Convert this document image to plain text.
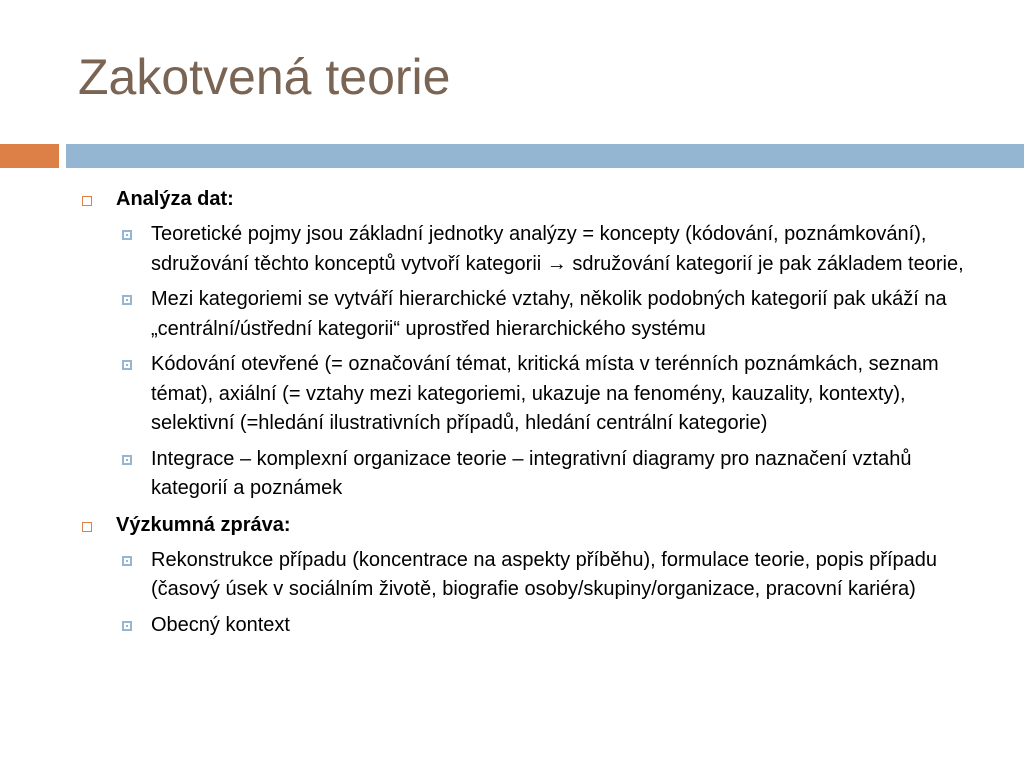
Zakotvená teorie
Analýza dat:
Teoretické pojmy jsou základní jednotky analýzy = koncepty (kódování, poznámkování), sdružování těchto konceptů vytvoří kategorii → sdružování kategorií je pak základem teorie,
Mezi kategoriemi se vytváří hierarchické vztahy, několik podobných kategorií pak ukáží na „centrální/ústřední kategorii“ uprostřed hierarchického systému
Kódování otevřené (= označování témat, kritická místa v terénních poznámkách, seznam témat), axiální (= vztahy mezi kategoriemi, ukazuje na fenomény, kauzality, kontexty), selektivní (=hledání ilustrativních případů, hledání centrální kategorie)
Integrace – komplexní organizace teorie – integrativní diagramy pro naznačení vztahů kategorií a poznámek
Výzkumná zpráva:
Rekonstrukce případu (koncentrace na aspekty příběhu), formulace teorie, popis případu (časový úsek v sociálním životě, biografie osoby/skupiny/organizace, pracovní kariéra)
Obecný kontext
